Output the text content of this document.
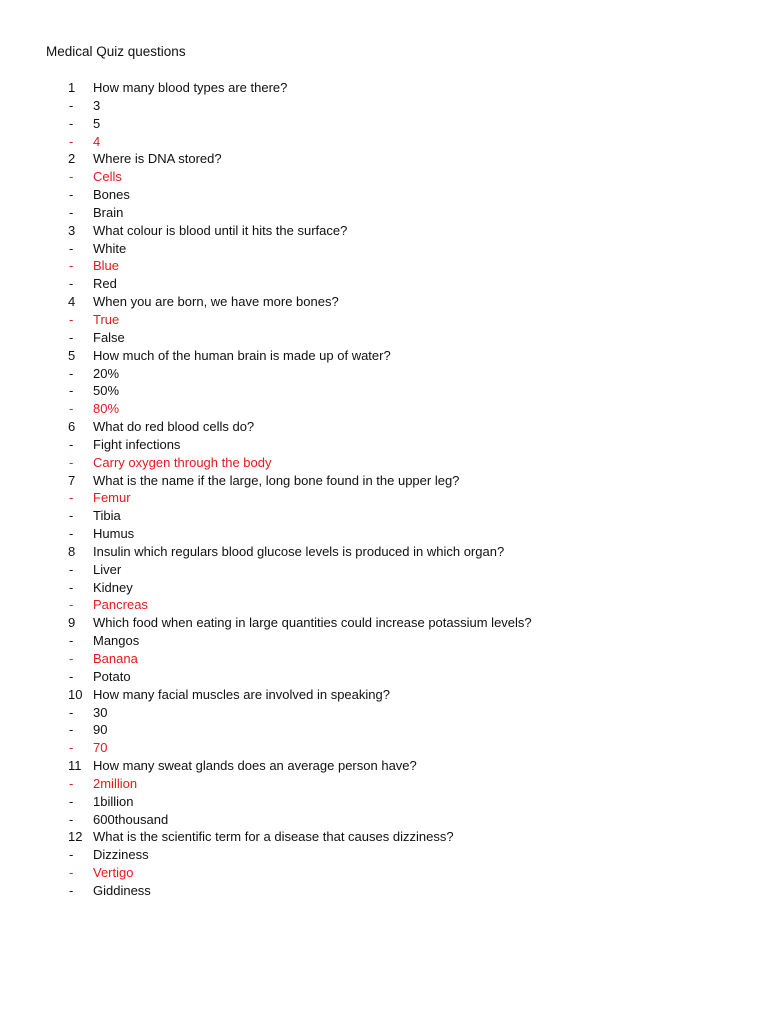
Medical Quiz questions
1	How many blood types are there?
-	3
-	5
-	4
2	Where is DNA stored?
-	Cells
-	Bones
-	Brain
3	What colour is blood until it hits the surface?
-	White
-	Blue
-	Red
4	When you are born, we have more bones?
-	True
-	False
5	How much of the human brain is made up of water?
-	20%
-	50%
-	80%
6	What do red blood cells do?
-	Fight infections
-	Carry oxygen through the body
7	What is the name if the large, long bone found in the upper leg?
-	Femur
-	Tibia
-	Humus
8	Insulin which regulars blood glucose levels is produced in which organ?
-	Liver
-	Kidney
-	Pancreas
9	Which food when eating in large quantities could increase potassium levels?
-	Mangos
-	Banana
-	Potato
10 How many facial muscles are involved in speaking?
-	30
-	90
-	70
11 How many sweat glands does an average person have?
-	2million
-	1billion
-	600thousand
12 What is the scientific term for a disease that causes dizziness?
-	Dizziness
-	Vertigo
-	Giddiness
